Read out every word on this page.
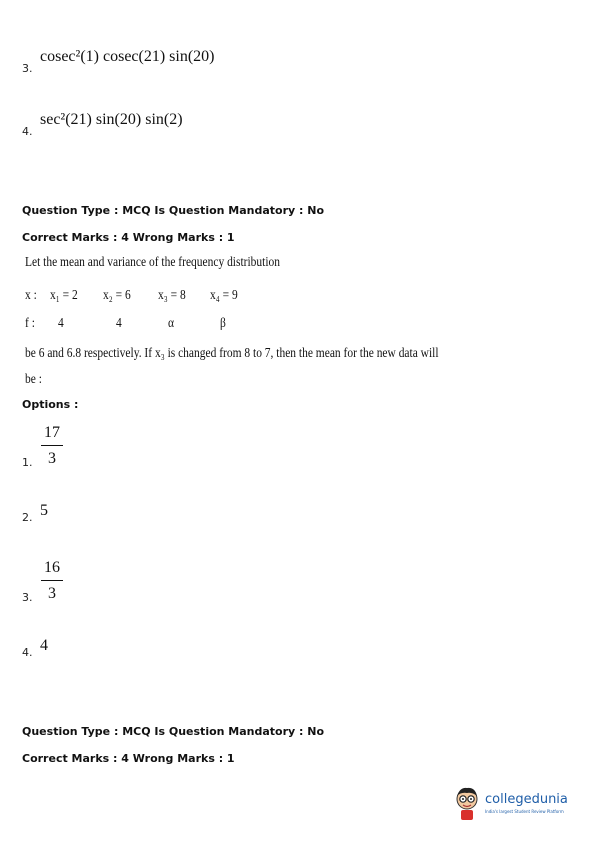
3.
cosec²(1) cosec(21) sin(20)
4.
sec²(21) sin(20) sin(2)
Question Type : MCQ Is Question Mandatory : No
Correct Marks : 4 Wrong Marks : 1
Let the mean and variance of the frequency distribution
x : x₁ = 2 x₂ = 6 x₃ = 8 x₄ = 9
f : 4	4	α	β
be 6 and 6.8 respectively. If x₃ is changed from 8 to 7, then the mean for the new data will
be :
Options :
1.
17
3
2. 5
3.
16
3
4. 4
Question Type : MCQ Is Question Mandatory : No
Correct Marks : 4 Wrong Marks : 1
collegedunia
India's largest Student Review Platform
